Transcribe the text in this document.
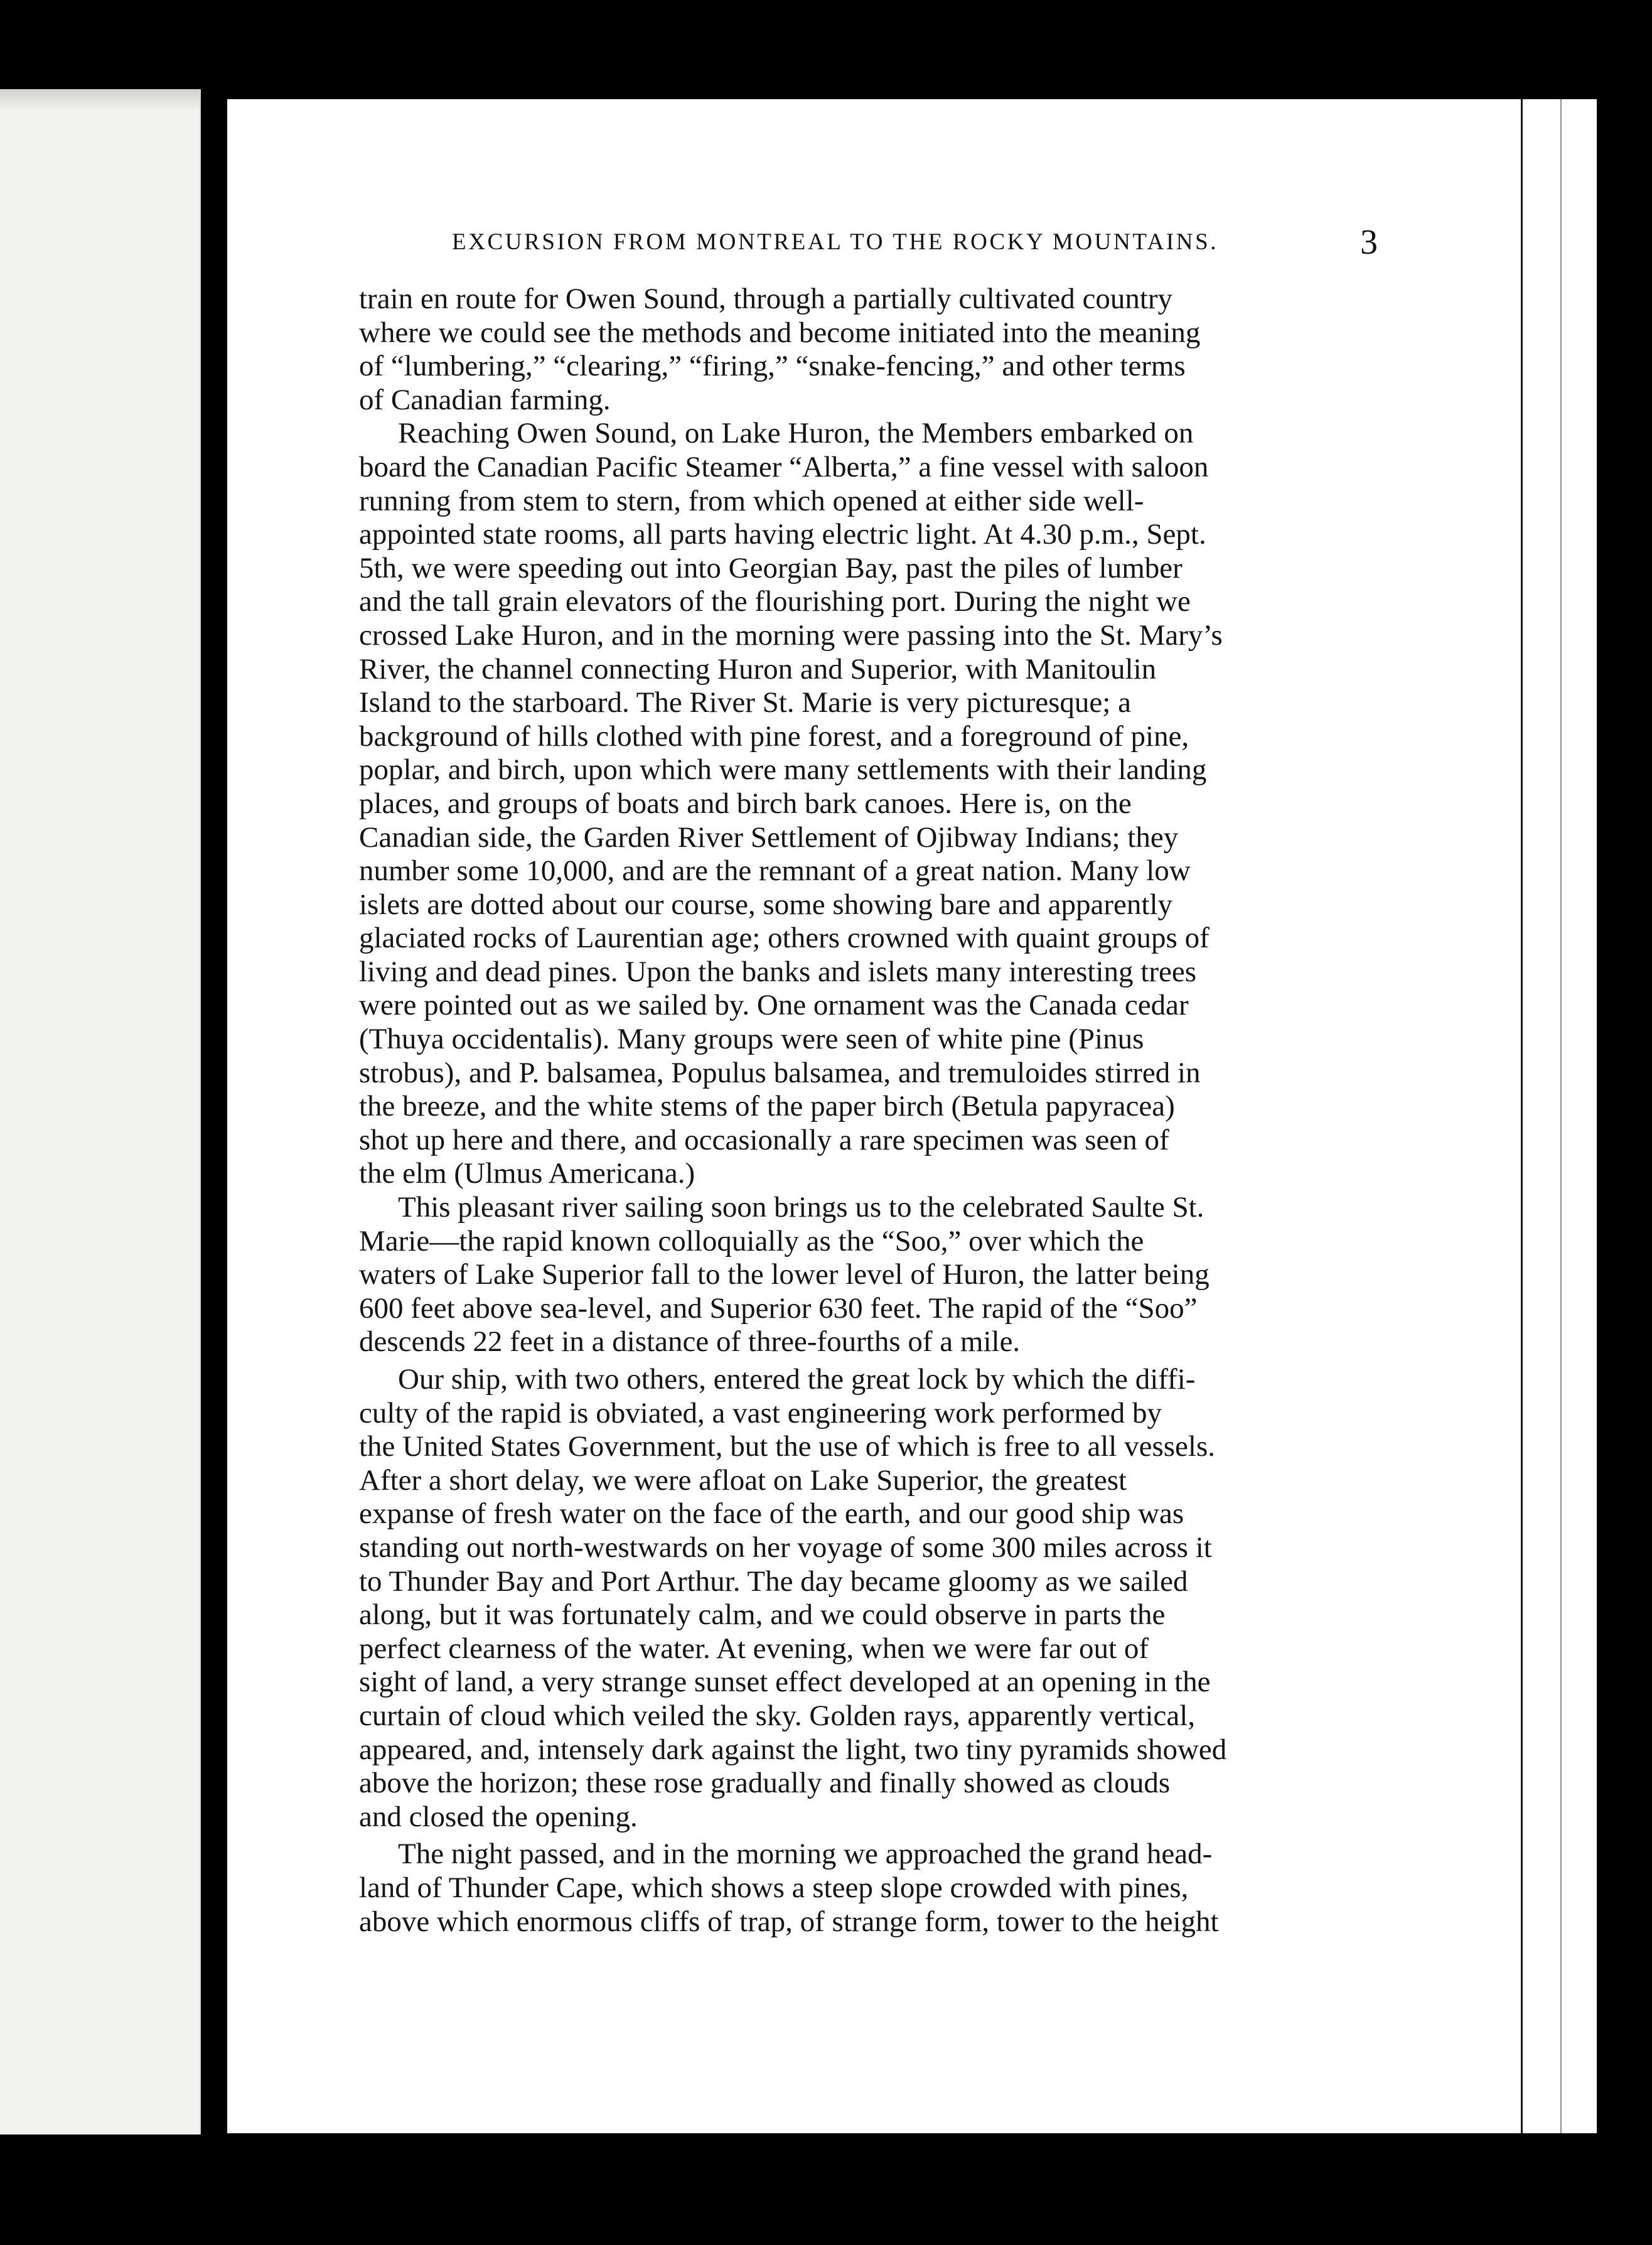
EXCURSION FROM MONTREAL TO THE ROCKY MOUNTAINS.	3
train en route for Owen Sound, through a partially cultivated country
where we could see the methods and become initiated into the meaning
of “lumbering,” “clearing,” “firing,” “snake-fencing,” and other terms
of Canadian farming.
Reaching Owen Sound, on Lake Huron, the Members embarked on
board the Canadian Pacific Steamer “Alberta,” a fine vessel with saloon
running from stem to stern, from which opened at either side well-
appointed state rooms, all parts having electric light. At 4.30 p.m., Sept.
5th, we were speeding out into Georgian Bay, past the piles of lumber
and the tall grain elevators of the flourishing port. During the night we
crossed Lake Huron, and in the morning were passing into the St. Mary’s
River, the channel connecting Huron and Superior, with Manitoulin
Island to the starboard. The River St. Marie is very picturesque; a
background of hills clothed with pine forest, and a foreground of pine,
poplar, and birch, upon which were many settlements with their landing
places, and groups of boats and birch bark canoes. Here is, on the
Canadian side, the Garden River Settlement of Ojibway Indians; they
number some 10,000, and are the remnant of a great nation. Many low
islets are dotted about our course, some showing bare and apparently
glaciated rocks of Laurentian age; others crowned with quaint groups of
living and dead pines. Upon the banks and islets many interesting trees
were pointed out as we sailed by. One ornament was the Canada cedar
(Thuya occidentalis). Many groups were seen of white pine (Pinus
strobus), and P. balsamea, Populus balsamea, and tremuloides stirred in
the breeze, and the white stems of the paper birch (Betula papyracea)
shot up here and there, and occasionally a rare specimen was seen of
the elm (Ulmus Americana.)
This pleasant river sailing soon brings us to the celebrated Saulte St.
Marie—the rapid known colloquially as the “Soo,” over which the
waters of Lake Superior fall to the lower level of Huron, the latter being
600 feet above sea-level, and Superior 630 feet. The rapid of the “Soo”
descends 22 feet in a distance of three-fourths of a mile.
Our ship, with two others, entered the great lock by which the diffi-
culty of the rapid is obviated, a vast engineering work performed by
the United States Government, but the use of which is free to all vessels.
After a short delay, we were afloat on Lake Superior, the greatest
expanse of fresh water on the face of the earth, and our good ship was
standing out north-westwards on her voyage of some 300 miles across it
to Thunder Bay and Port Arthur. The day became gloomy as we sailed
along, but it was fortunately calm, and we could observe in parts the
perfect clearness of the water. At evening, when we were far out of
sight of land, a very strange sunset effect developed at an opening in the
curtain of cloud which veiled the sky. Golden rays, apparently vertical,
appeared, and, intensely dark against the light, two tiny pyramids showed
above the horizon; these rose gradually and finally showed as clouds
and closed the opening.
The night passed, and in the morning we approached the grand head-
land of Thunder Cape, which shows a steep slope crowded with pines,
above which enormous cliffs of trap, of strange form, tower to the height
